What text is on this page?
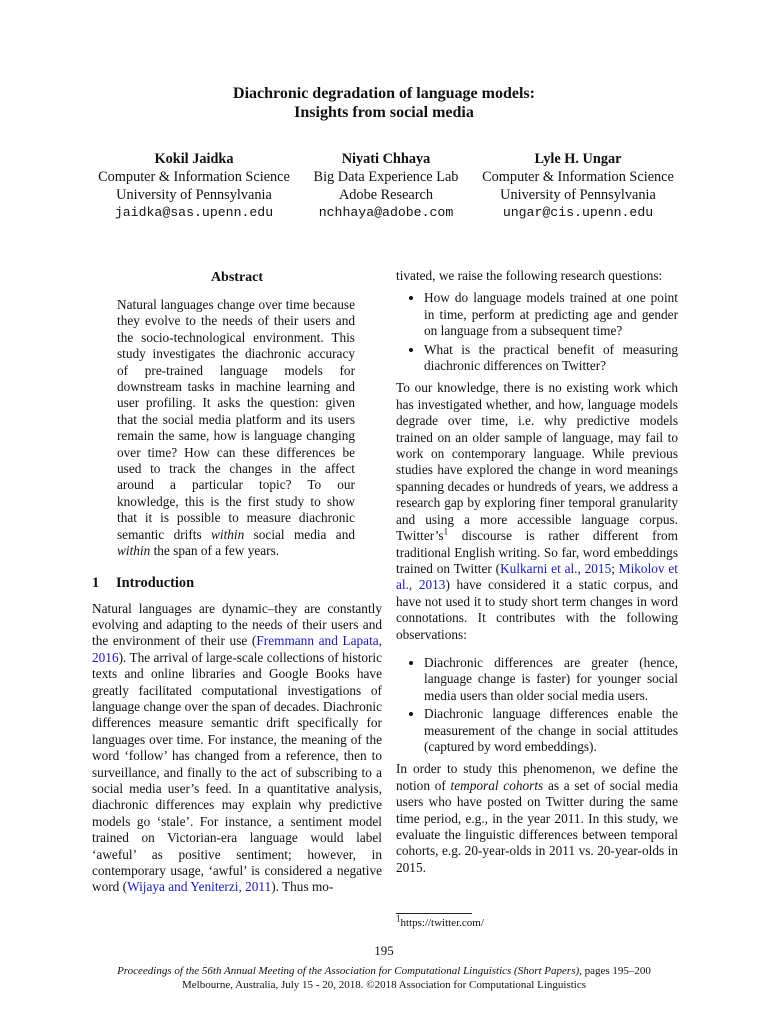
Diachronic degradation of language models:
Insights from social media
Kokil Jaidka
Computer & Information Science
University of Pennsylvania
jaidka@sas.upenn.edu
Niyati Chhaya
Big Data Experience Lab
Adobe Research
nchhaya@adobe.com
Lyle H. Ungar
Computer & Information Science
University of Pennsylvania
ungar@cis.upenn.edu
Abstract

Natural languages change over time because they evolve to the needs of their users and the socio-technological environment. This study investigates the diachronic accuracy of pre-trained language models for downstream tasks in machine learning and user profiling. It asks the question: given that the social media platform and its users remain the same, how is language changing over time? How can these differences be used to track the changes in the affect around a particular topic? To our knowledge, this is the first study to show that it is possible to measure diachronic semantic drifts within social media and within the span of a few years.

1 Introduction

Natural languages are dynamic–they are constantly evolving and adapting to the needs of their users and the environment of their use (Fremmann and Lapata, 2016). The arrival of large-scale collections of historic texts and online libraries and Google Books have greatly facilitated computational investigations of language change over the span of decades. Diachronic differences measure semantic drift specifically for languages over time. For instance, the meaning of the word ‘follow’ has changed from a reference, then to surveillance, and finally to the act of subscribing to a social media user’s feed. In a quantitative analysis, diachronic differences may explain why predictive models go ‘stale’. For instance, a sentiment model trained on Victorian-era language would label ‘aweful’ as positive sentiment; however, in contemporary usage, ‘awful’ is considered a negative word (Wijaya and Yeniterzi, 2011). Thus mo-

tivated, we raise the following research questions:

• How do language models trained at one point in time, perform at predicting age and gender on language from a subsequent time?
• What is the practical benefit of measuring diachronic differences on Twitter?

To our knowledge, there is no existing work which has investigated whether, and how, language models degrade over time, i.e. why predictive models trained on an older sample of language, may fail to work on contemporary language. While previous studies have explored the change in word meanings spanning decades or hundreds of years, we address a research gap by exploring finer temporal granularity and using a more accessible language corpus. $Twitter’s^1$ discourse is rather different from traditional English writing. So far, word embeddings trained on Twitter (Kulkarni et al., 2015; Mikolov et al., 2013) have considered it a static corpus, and have not used it to study short term changes in word connotations. It contributes with the following observations:

• Diachronic differences are greater (hence, language change is faster) for younger social media users than older social media users.
• Diachronic language differences enable the measurement of the change in social attitudes (captured by word embeddings).

In order to study this phenomenon, we define the notion of temporal cohorts as a set of social media users who have posted on Twitter during the same time period, e.g., in the year 2011. In this study, we evaluate the linguistic differences between temporal cohorts, e.g. 20-year-olds in 2011 vs. 20-year-olds in 2015.

$^1$https://twitter.com/
195
Proceedings of the 56th Annual Meeting of the Association for Computational Linguistics (Short Papers), pages 195–200
Melbourne, Australia, July 15 - 20, 2018. ©2018 Association for Computational Linguistics
